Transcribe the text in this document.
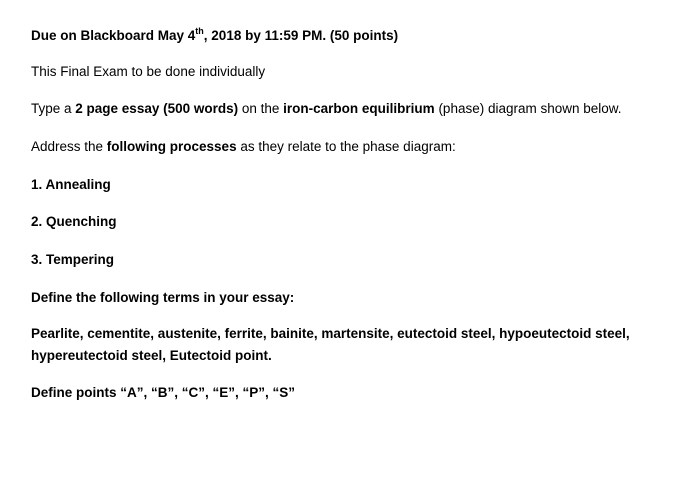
Due on Blackboard May 4th, 2018 by 11:59 PM. (50 points)
This Final Exam to be done individually
Type a 2 page essay (500 words) on the iron-carbon equilibrium (phase) diagram shown below.
Address the following processes as they relate to the phase diagram:
1. Annealing
2. Quenching
3. Tempering
Define the following terms in your essay:
Pearlite, cementite, austenite, ferrite, bainite, martensite, eutectoid steel, hypoeutectoid steel, hypereutectoid steel, Eutectoid point.
Define points “A”, “B”, “C”, “E”, “P”, “S”
